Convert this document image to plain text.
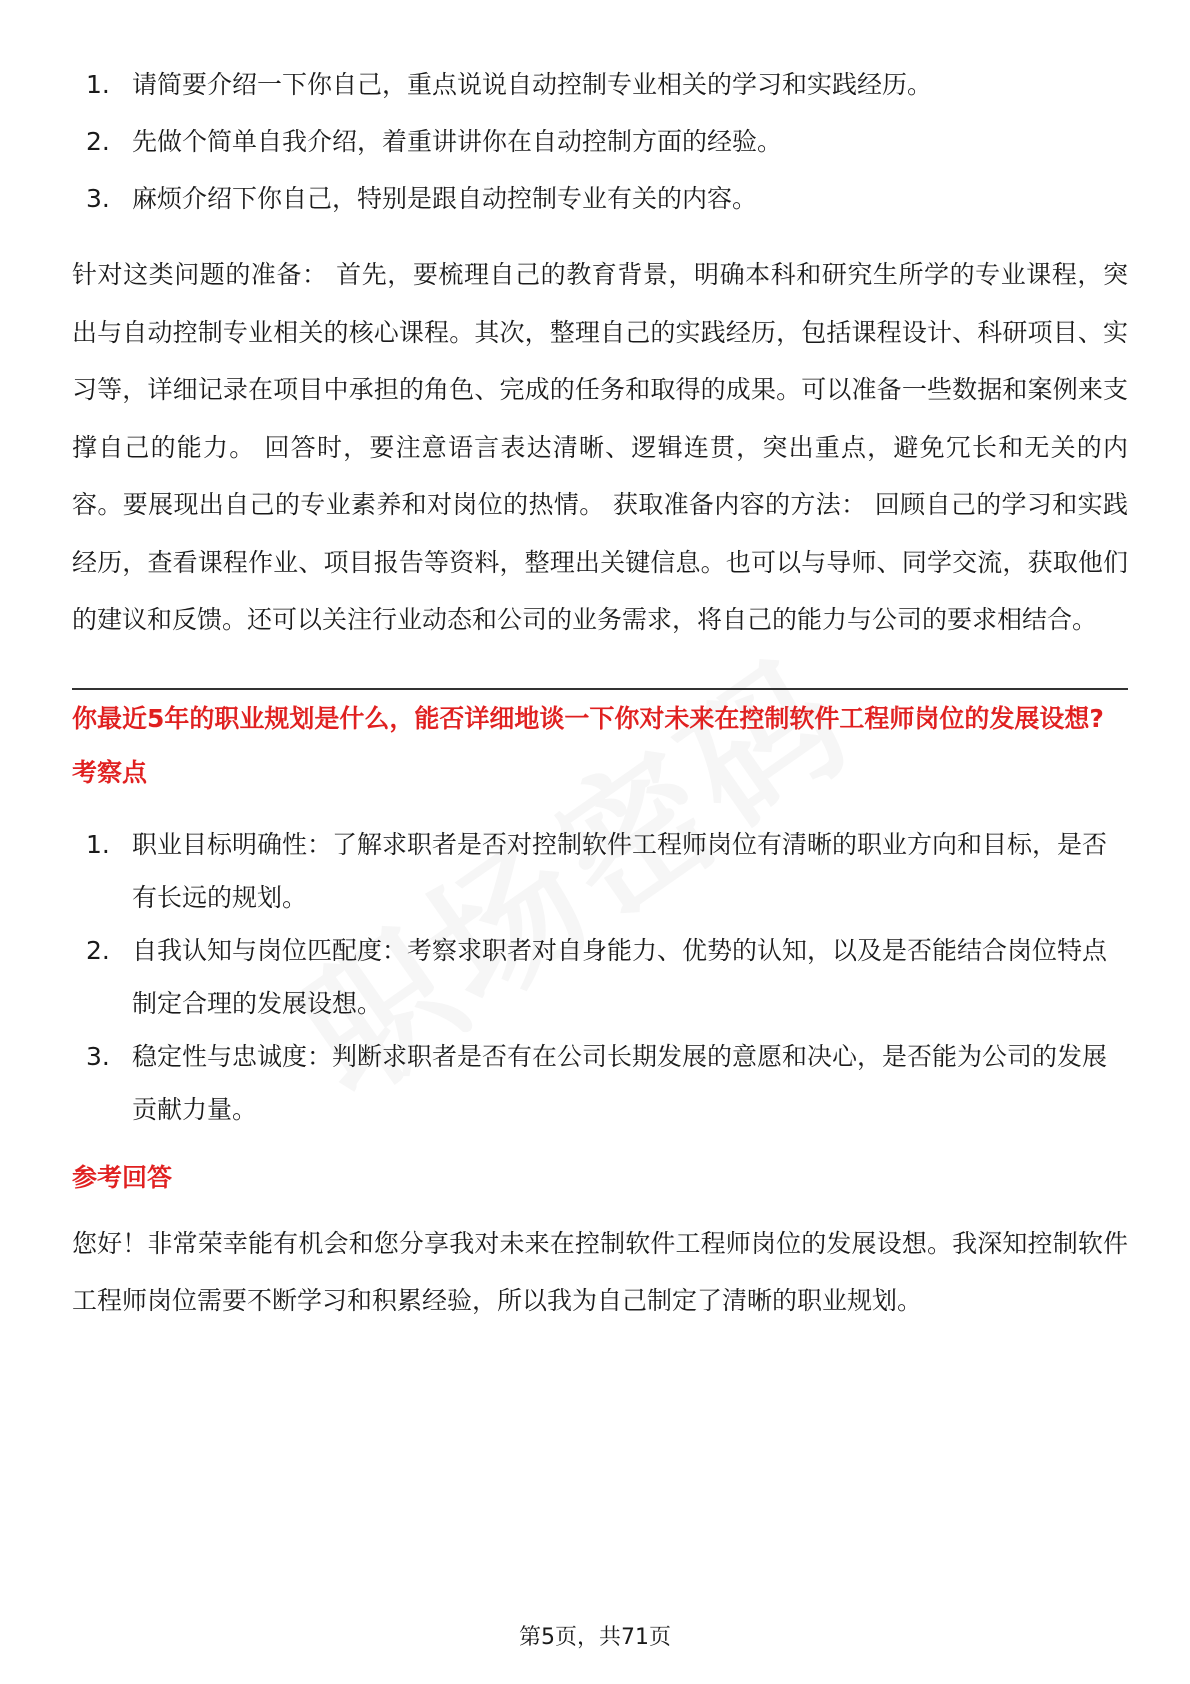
1. 请简要介绍一下你自己，重点说说自动控制专业相关的学习和实践经历。
2. 先做个简单自我介绍，着重讲讲你在自动控制方面的经验。
3. 麻烦介绍下你自己，特别是跟自动控制专业有关的内容。

针对这类问题的准备： 首先，要梳理自己的教育背景，明确本科和研究生所学的专业课程，突出与自动控制专业相关的核心课程。其次，整理自己的实践经历，包括课程设计、科研项目、实习等，详细记录在项目中承担的角色、完成的任务和取得的成果。可以准备一些数据和案例来支撑自己的能力。 回答时，要注意语言表达清晰、逻辑连贯，突出重点，避免冗长和无关的内容。要展现出自己的专业素养和对岗位的热情。 获取准备内容的方法： 回顾自己的学习和实践经历，查看课程作业、项目报告等资料，整理出关键信息。也可以与导师、同学交流，获取他们的建议和反馈。还可以关注行业动态和公司的业务需求，将自己的能力与公司的要求相结合。

你最近5年的职业规划是什么，能否详细地谈一下你对未来在控制软件工程师岗位的发展设想?
考察点
1. 职业目标明确性：了解求职者是否对控制软件工程师岗位有清晰的职业方向和目标，是否有长远的规划。
2. 自我认知与岗位匹配度：考察求职者对自身能力、优势的认知，以及是否能结合岗位特点制定合理的发展设想。
3. 稳定性与忠诚度：判断求职者是否有在公司长期发展的意愿和决心，是否能为公司的发展贡献力量。
参考回答

您好！非常荣幸能有机会和您分享我对未来在控制软件工程师岗位的发展设想。我深知控制软件工程师岗位需要不断学习和积累经验，所以我为自己制定了清晰的职业规划。

第5页，共71页
